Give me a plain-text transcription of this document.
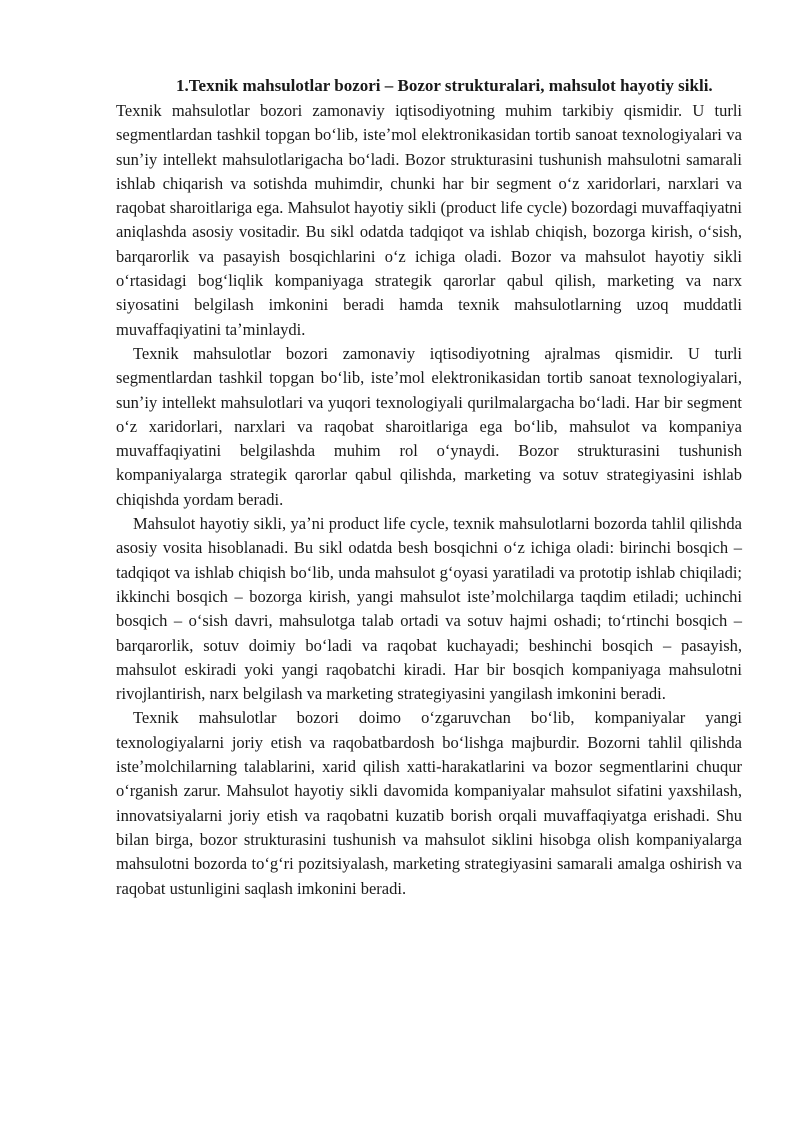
1.Texnik mahsulotlar bozori – Bozor strukturalari, mahsulot hayotiy sikli.

Texnik mahsulotlar bozori zamonaviy iqtisodiyotning muhim tarkibiy qismidir. U turli segmentlardan tashkil topgan boʻlib, isteʼmol elektronikasidan tortib sanoat texnologiyalari va sunʼiy intellekt mahsulotlarigacha boʻladi. Bozor strukturasini tushunish mahsulotni samarali ishlab chiqarish va sotishda muhimdir, chunki har bir segment oʻz xaridorlari, narxlari va raqobat sharoitlariga ega. Mahsulot hayotiy sikli (product life cycle) bozordagi muvaffaqiyatni aniqlashda asosiy vositadir. Bu sikl odatda tadqiqot va ishlab chiqish, bozorga kirish, oʻsish, barqarorlik va pasayish bosqichlarini oʻz ichiga oladi. Bozor va mahsulot hayotiy sikli oʻrtasidagi bogʻliqlik kompaniyaga strategik qarorlar qabul qilish, marketing va narx siyosatini belgilash imkonini beradi hamda texnik mahsulotlarning uzoq muddatli muvaffaqiyatini taʼminlaydi.

Texnik mahsulotlar bozori zamonaviy iqtisodiyotning ajralmas qismidir. U turli segmentlardan tashkil topgan boʻlib, isteʼmol elektronikasidan tortib sanoat texnologiyalari, sunʼiy intellekt mahsulotlari va yuqori texnologiyali qurilmalargacha boʻladi. Har bir segment oʻz xaridorlari, narxlari va raqobat sharoitlariga ega boʻlib, mahsulot va kompaniya muvaffaqiyatini belgilashda muhim rol oʻynaydi. Bozor strukturasini tushunish kompaniyalarga strategik qarorlar qabul qilishda, marketing va sotuv strategiyasini ishlab chiqishda yordam beradi.

Mahsulot hayotiy sikli, yaʼni product life cycle, texnik mahsulotlarni bozorda tahlil qilishda asosiy vosita hisoblanadi. Bu sikl odatda besh bosqichni oʻz ichiga oladi: birinchi bosqich – tadqiqot va ishlab chiqish boʻlib, unda mahsulot gʻoyasi yaratiladi va prototip ishlab chiqiladi; ikkinchi bosqich – bozorga kirish, yangi mahsulot isteʼmolchilarga taqdim etiladi; uchinchi bosqich – oʻsish davri, mahsulotga talab ortadi va sotuv hajmi oshadi; toʻrtinchi bosqich – barqarorlik, sotuv doimiy boʻladi va raqobat kuchayadi; beshinchi bosqich – pasayish, mahsulot eskiradi yoki yangi raqobatchi kiradi. Har bir bosqich kompaniyaga mahsulotni rivojlantirish, narx belgilash va marketing strategiyasini yangilash imkonini beradi.

Texnik mahsulotlar bozori doimo oʻzgaruvchan boʻlib, kompaniyalar yangi texnologiyalarni joriy etish va raqobatbardosh boʻlishga majburdir. Bozorni tahlil qilishda isteʼmolchilarning talablarini, xarid qilish xatti-harakatlarini va bozor segmentlarini chuqur oʻrganish zarur. Mahsulot hayotiy sikli davomida kompaniyalar mahsulot sifatini yaxshilash, innovatsiyalarni joriy etish va raqobatni kuzatib borish orqali muvaffaqiyatga erishadi. Shu bilan birga, bozor strukturasini tushunish va mahsulot siklini hisobga olish kompaniyalarga mahsulotni bozorda toʻgʻri pozitsiyalash, marketing strategiyasini samarali amalga oshirish va raqobat ustunligini saqlash imkonini beradi.
